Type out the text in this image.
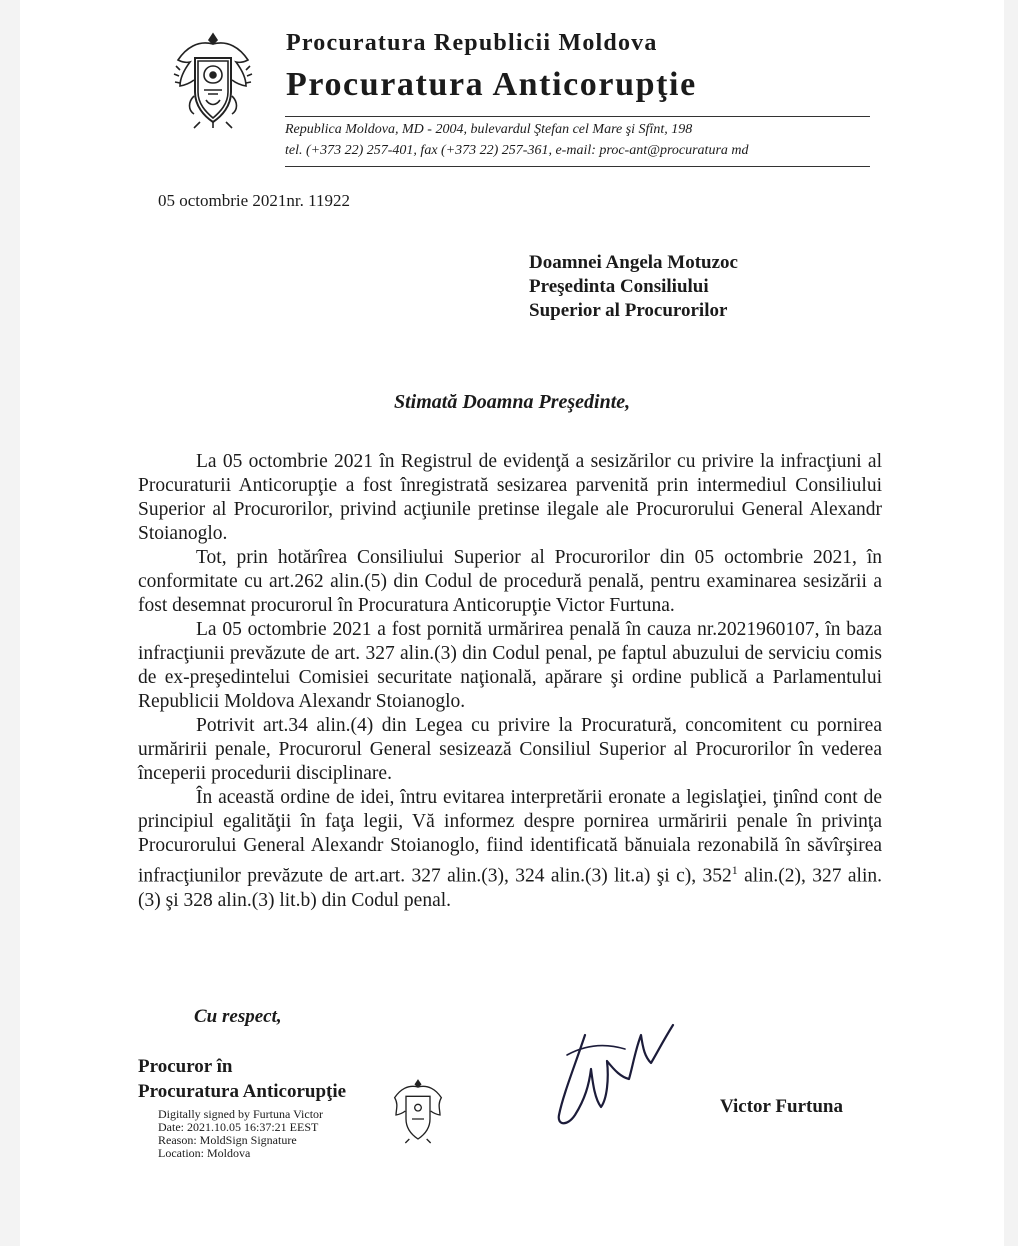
Procuratura Republicii Moldova
Procuratura Anticorupţie
Republica Moldova, MD - 2004, bulevardul Ştefan cel Mare şi Sfînt, 198
tel. (+373 22) 257-401, fax (+373 22) 257-361, e-mail: proc-ant@procuratura md
05 octombrie 2021nr. 11922
Doamnei Angela Motuzoc
Preşedinta Consiliului
Superior al Procurorilor
Stimată Doamna Preşedinte,

La 05 octombrie 2021 în Registrul de evidenţă a sesizărilor cu privire la infracţiuni al Procuraturii Anticorupţie a fost înregistrată sesizarea parvenită prin intermediul Consiliului Superior al Procurorilor, privind acţiunile pretinse ilegale ale Procurorului General Alexandr Stoianoglo.

Tot, prin hotărîrea Consiliului Superior al Procurorilor din 05 octombrie 2021, în conformitate cu art.262 alin.(5) din Codul de procedură penală, pentru examinarea sesizării a fost desemnat procurorul în Procuratura Anticorupţie Victor Furtuna.

La 05 octombrie 2021 a fost pornită urmărirea penală în cauza nr.2021960107, în baza infracţiunii prevăzute de art. 327 alin.(3) din Codul penal, pe faptul abuzului de serviciu comis de ex-preşedintelui Comisiei securitate naţională, apărare şi ordine publică a Parlamentului Republicii Moldova Alexandr Stoianoglo.

Potrivit art.34 alin.(4) din Legea cu privire la Procuratură, concomitent cu pornirea urmăririi penale, Procurorul General sesizează Consiliul Superior al Procurorilor în vederea începerii procedurii disciplinare.

În această ordine de idei, întru evitarea interpretării eronate a legislaţiei, ţinînd cont de principiul egalităţii în faţa legii, Vă informez despre pornirea urmăririi penale în privinţa Procurorului General Alexandr Stoianoglo, fiind identificată bănuiala rezonabilă în săvîrşirea infracţiunilor prevăzute de art.art. 327 alin.(3), 324 alin.(3) lit.a) şi c), $352^1$ alin.(2), 327 alin.(3) şi 328 alin.(3) lit.b) din Codul penal.

Cu respect,
Procuror în
Procuratura Anticorupţie
Digitally signed by Furtuna Victor
Date: 2021.10.05 16:37:21 EEST
Reason: MoldSign Signature
Location: Moldova
Victor Furtuna
